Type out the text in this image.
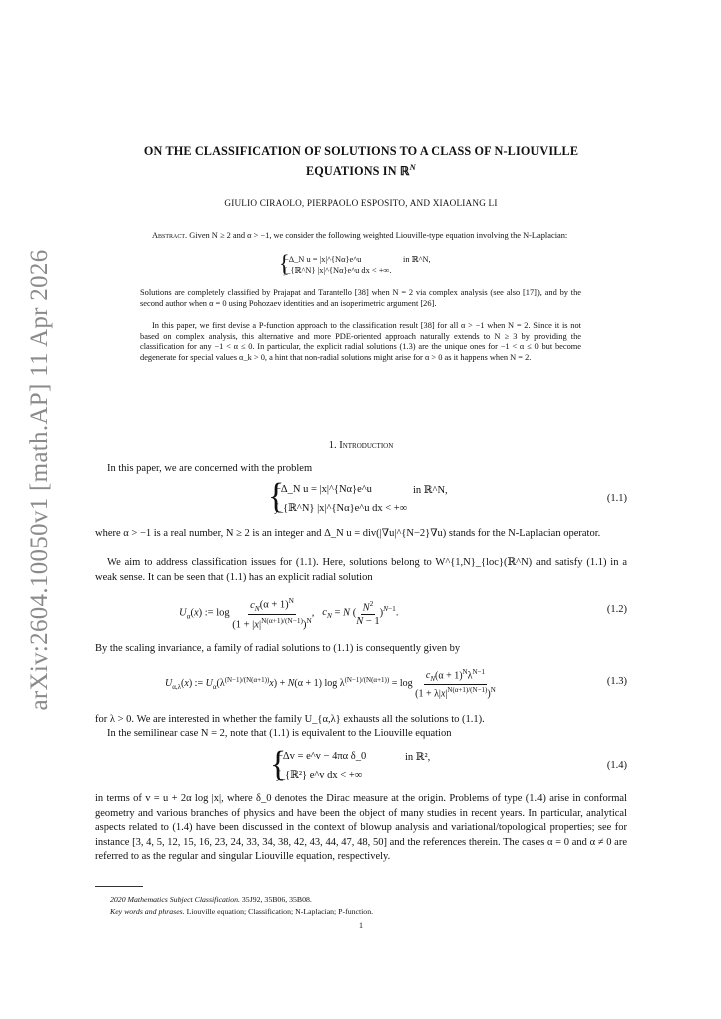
arXiv:2604.10050v1 [math.AP] 11 Apr 2026
ON THE CLASSIFICATION OF SOLUTIONS TO A CLASS OF N-LIOUVILLE
EQUATIONS IN ℝ$^N$
GIULIO CIRAOLO, PIERPAOLO ESPOSITO, AND XIAOLIANG LI

Abstract. Given N ≥ 2 and α > −1, we consider the following weighted Liouville-type equation involving the N-Laplacian:

{
−Δ_N u = |x|^{Nα}e^u	in ℝ^N,
∫_{ℝ^N} |x|^{Nα}e^u dx < +∞.

Solutions are completely classified by Prajapat and Tarantello [38] when N = 2 via complex analysis (see also [17]), and by the second author when α = 0 using Pohozaev identities and an isoperimetric argument [26].

In this paper, we first devise a P-function approach to the classification result [38] for all α > −1 when N = 2. Since it is not based on complex analysis, this alternative and more PDE-oriented approach naturally extends to N ≥ 3 by providing the classification for any −1 < α ≤ 0. In particular, the explicit radial solutions (1.3) are the unique ones for −1 < α ≤ 0 but become degenerate for special values α_k > 0, a hint that non-radial solutions might arise for α > 0 as it happens when N = 2.

1. Introduction

In this paper, we are concerned with the problem

{
−Δ_N u = |x|^{Nα}e^u	in ℝ^N,
∫_{ℝ^N} |x|^{Nα}e^u dx < +∞
(1.1)

where α > −1 is a real number, N ≥ 2 is an integer and Δ_N u = div(|∇u|^{N−2}∇u) stands for the N-Laplacian operator.

We aim to address classification issues for (1.1). Here, solutions belong to W^{1,N}_{loc}(ℝ^N) and satisfy (1.1) in a weak sense. It can be seen that (1.1) has an explicit radial solution

$U_\alpha(x)$ := $\log \frac{c_N(\alpha + 1)^N}{(1 + |x|^{N(\alpha+1)/(N-1)})^N}$ ,   $c_N = N$ ( $\frac{N^2}{N - 1} )^{N-1}$.	(1.2)

By the scaling invariance, a family of radial solutions to (1.1) is consequently given by

$U_{\alpha,\lambda}(x)$ := $U_\alpha(\lambda^{(N-1)/(N(\alpha+1))}x) + N(\alpha + 1)$ $\log \lambda^{(N-1)/(N(\alpha+1))} = \log \frac{c_N(\alpha + 1)^N\lambda^{N-1}}{(1 + \lambda|x|^{N(\alpha+1)/(N-1)})^N}$	(1.3)

for λ > 0. We are interested in whether the family U_{α,λ} exhausts all the solutions to (1.1).

In the semilinear case N = 2, note that (1.1) is equivalent to the Liouville equation

{
−Δv = e^v − 4πα δ_0	in ℝ²,
∫_{ℝ²} e^v dx < +∞
(1.4)

in terms of v = u + 2α log |x|, where δ_0 denotes the Dirac measure at the origin. Problems of type (1.4) arise in conformal geometry and various branches of physics and have been the object of many studies in recent years. In particular, analytical aspects related to (1.4) have been discussed in the context of blowup analysis and variational/topological properties; see for instance [3, 4, 5, 12, 15, 16, 23, 24, 33, 34, 38, 42, 43, 44, 47, 48, 50] and the references therein. The cases α = 0 and α ≠ 0 are referred to as the regular and singular Liouville equation, respectively.

2020 Mathematics Subject Classification. 35J92, 35B06, 35B08.
Key words and phrases. Liouville equation; Classification; N-Laplacian; P-function.
1
